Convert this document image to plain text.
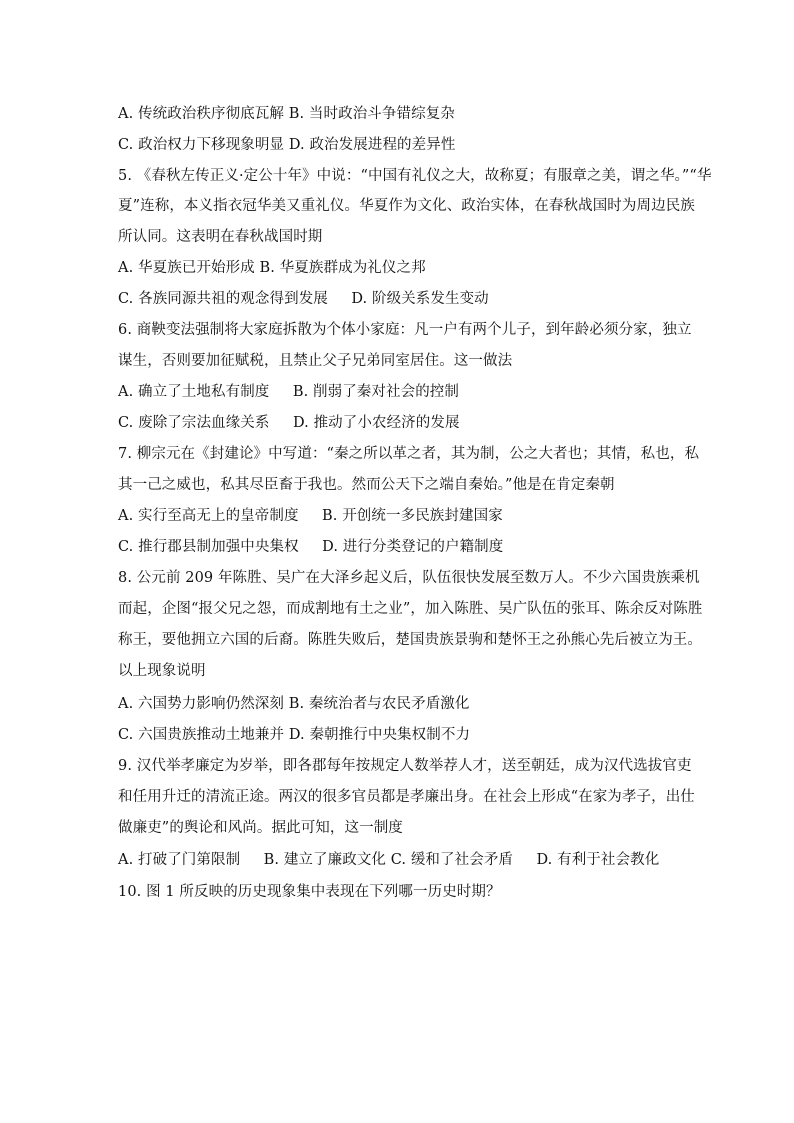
A. 传统政治秩序彻底瓦解 B. 当时政治斗争错综复杂
C. 政治权力下移现象明显 D. 政治发展进程的差异性
5. 《春秋左传正义·定公十年》中说：“中国有礼仪之大，故称夏；有服章之美，谓之华。”“华
夏”连称，本义指衣冠华美又重礼仪。华夏作为文化、政治实体，在春秋战国时为周边民族
所认同。这表明在春秋战国时期
A. 华夏族已开始形成 B. 华夏族群成为礼仪之邦
C. 各族同源共祖的观念得到发展 D. 阶级关系发生变动
6. 商鞅变法强制将大家庭拆散为个体小家庭：凡一户有两个儿子，到年龄必须分家，独立
谋生，否则要加征赋税，且禁止父子兄弟同室居住。这一做法
A. 确立了土地私有制度 B. 削弱了秦对社会的控制
C. 废除了宗法血缘关系 D. 推动了小农经济的发展
7. 柳宗元在《封建论》中写道：“秦之所以革之者，其为制，公之大者也；其情，私也，私
其一己之威也，私其尽臣畜于我也。然而公天下之端自秦始。”他是在肯定秦朝
A. 实行至高无上的皇帝制度 B. 开创统一多民族封建国家
C. 推行郡县制加强中央集权 D. 进行分类登记的户籍制度
8. 公元前 209 年陈胜、吴广在大泽乡起义后，队伍很快发展至数万人。不少六国贵族乘机
而起，企图“报父兄之怨，而成割地有土之业”，加入陈胜、吴广队伍的张耳、陈余反对陈胜
称王，要他拥立六国的后裔。陈胜失败后，楚国贵族景驹和楚怀王之孙熊心先后被立为王。
以上现象说明
A. 六国势力影响仍然深刻 B. 秦统治者与农民矛盾激化
C. 六国贵族推动土地兼并 D. 秦朝推行中央集权制不力
9. 汉代举孝廉定为岁举，即各郡每年按规定人数举荐人才，送至朝廷，成为汉代选拔官吏
和任用升迁的清流正途。两汉的很多官员都是孝廉出身。在社会上形成“在家为孝子，出仕
做廉吏”的舆论和风尚。据此可知，这一制度
A. 打破了门第限制 B. 建立了廉政文化 C. 缓和了社会矛盾 D. 有利于社会教化
10. 图 1 所反映的历史现象集中表现在下列哪一历史时期？
